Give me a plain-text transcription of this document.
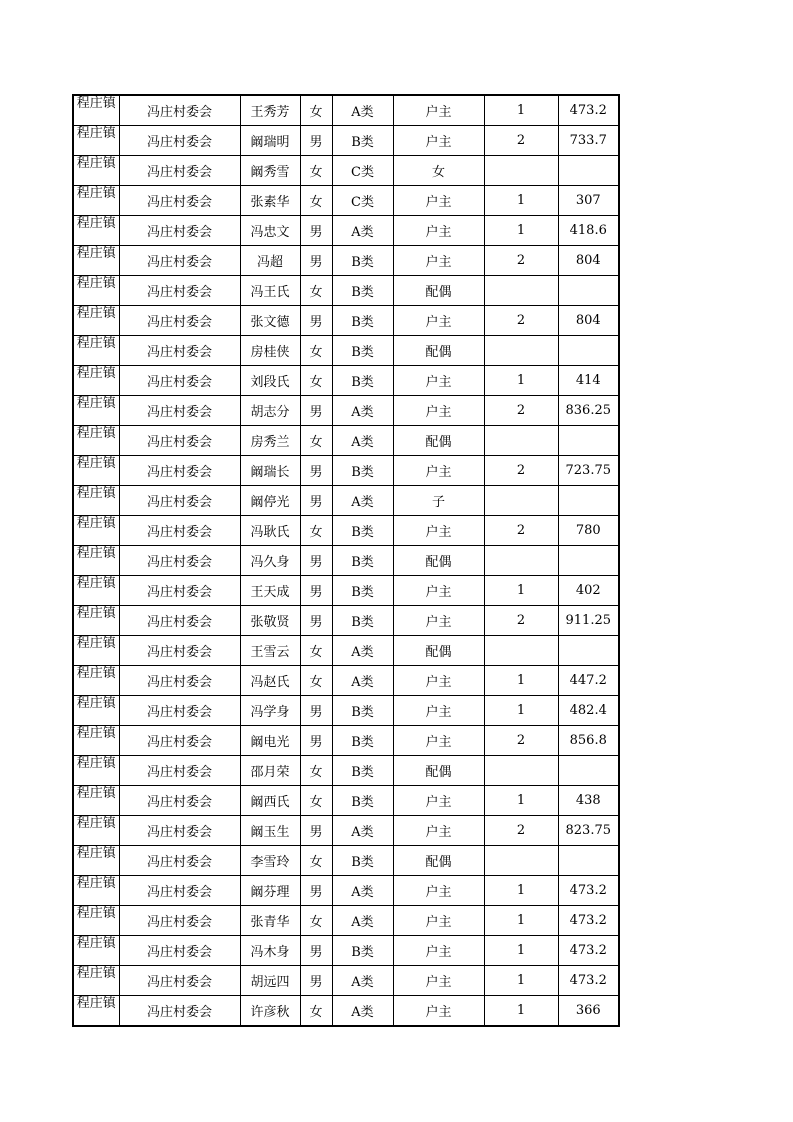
程庄镇	冯庄村委会	王秀芳	女	A类	户主	1	473.2

程庄镇	冯庄村委会	阚瑞明	男	B类	户主	2	733.7

程庄镇	冯庄村委会	阚秀雪	女	C类	女		

程庄镇	冯庄村委会	张素华	女	C类	户主	1	307

程庄镇	冯庄村委会	冯忠文	男	A类	户主	1	418.6

程庄镇	冯庄村委会	冯超	男	B类	户主	2	804

程庄镇	冯庄村委会	冯王氏	女	B类	配偶		

程庄镇	冯庄村委会	张文德	男	B类	户主	2	804

程庄镇	冯庄村委会	房桂侠	女	B类	配偶		

程庄镇	冯庄村委会	刘段氏	女	B类	户主	1	414

程庄镇	冯庄村委会	胡志分	男	A类	户主	2	836.25

程庄镇	冯庄村委会	房秀兰	女	A类	配偶		

程庄镇	冯庄村委会	阚瑞长	男	B类	户主	2	723.75

程庄镇	冯庄村委会	阚停光	男	A类	子		

程庄镇	冯庄村委会	冯耿氏	女	B类	户主	2	780

程庄镇	冯庄村委会	冯久身	男	B类	配偶		

程庄镇	冯庄村委会	王天成	男	B类	户主	1	402

程庄镇	冯庄村委会	张敬贤	男	B类	户主	2	911.25

程庄镇	冯庄村委会	王雪云	女	A类	配偶		

程庄镇	冯庄村委会	冯赵氏	女	A类	户主	1	447.2

程庄镇	冯庄村委会	冯学身	男	B类	户主	1	482.4

程庄镇	冯庄村委会	阚电光	男	B类	户主	2	856.8

程庄镇	冯庄村委会	邵月荣	女	B类	配偶		

程庄镇	冯庄村委会	阚西氏	女	B类	户主	1	438

程庄镇	冯庄村委会	阚玉生	男	A类	户主	2	823.75

程庄镇	冯庄村委会	李雪玲	女	B类	配偶		

程庄镇	冯庄村委会	阚芬理	男	A类	户主	1	473.2

程庄镇	冯庄村委会	张青华	女	A类	户主	1	473.2

程庄镇	冯庄村委会	冯木身	男	B类	户主	1	473.2

程庄镇	冯庄村委会	胡远四	男	A类	户主	1	473.2

程庄镇	冯庄村委会	许彦秋	女	A类	户主	1	366
